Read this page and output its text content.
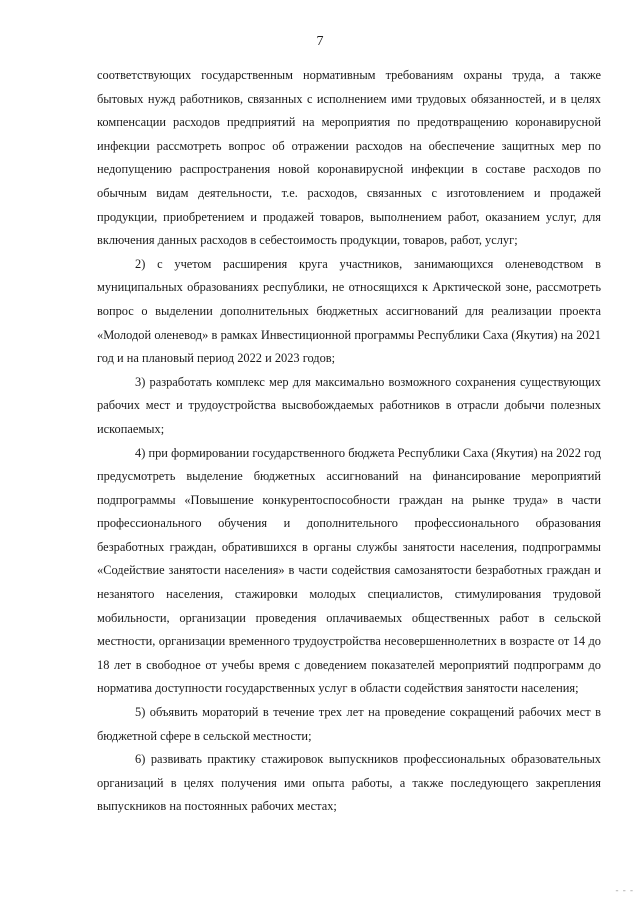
7

соответствующих государственным нормативным требованиям охраны труда, а также бытовых нужд работников, связанных с исполнением ими трудовых обязанностей, и в целях компенсации расходов предприятий на мероприятия по предотвращению коронавирусной инфекции рассмотреть вопрос об отражении расходов на обеспечение защитных мер по недопущению распространения новой коронавирусной инфекции в составе расходов по обычным видам деятельности, т.е. расходов, связанных с изготовлением и продажей продукции, приобретением и продажей товаров, выполнением работ, оказанием услуг, для включения данных расходов в себестоимость продукции, товаров, работ, услуг;

2) с учетом расширения круга участников, занимающихся оленеводством в муниципальных образованиях республики, не относящихся к Арктической зоне, рассмотреть вопрос о выделении дополнительных бюджетных ассигнований для реализации проекта «Молодой оленевод» в рамках Инвестиционной программы Республики Саха (Якутия) на 2021 год и на плановый период 2022 и 2023 годов;

3) разработать комплекс мер для максимально возможного сохранения существующих рабочих мест и трудоустройства высвобождаемых работников в отрасли добычи полезных ископаемых;

4) при формировании государственного бюджета Республики Саха (Якутия) на 2022 год предусмотреть выделение бюджетных ассигнований на финансирование мероприятий подпрограммы «Повышение конкурентоспособности граждан на рынке труда» в части профессионального обучения и дополнительного профессионального образования безработных граждан, обратившихся в органы службы занятости населения, подпрограммы «Содействие занятости населения» в части содействия самозанятости безработных граждан и незанятого населения, стажировки молодых специалистов, стимулирования трудовой мобильности, организации проведения оплачиваемых общественных работ в сельской местности, организации временного трудоустройства несовершеннолетних в возрасте от 14 до 18 лет в свободное от учебы время с доведением показателей мероприятий подпрограмм до норматива доступности государственных услуг в области содействия занятости населения;

5) объявить мораторий в течение трех лет на проведение сокращений рабочих мест в бюджетной сфере в сельской местности;

6) развивать практику стажировок выпускников профессиональных образовательных организаций в целях получения ими опыта работы, а также последующего закрепления выпускников на постоянных рабочих местах;

- - -
